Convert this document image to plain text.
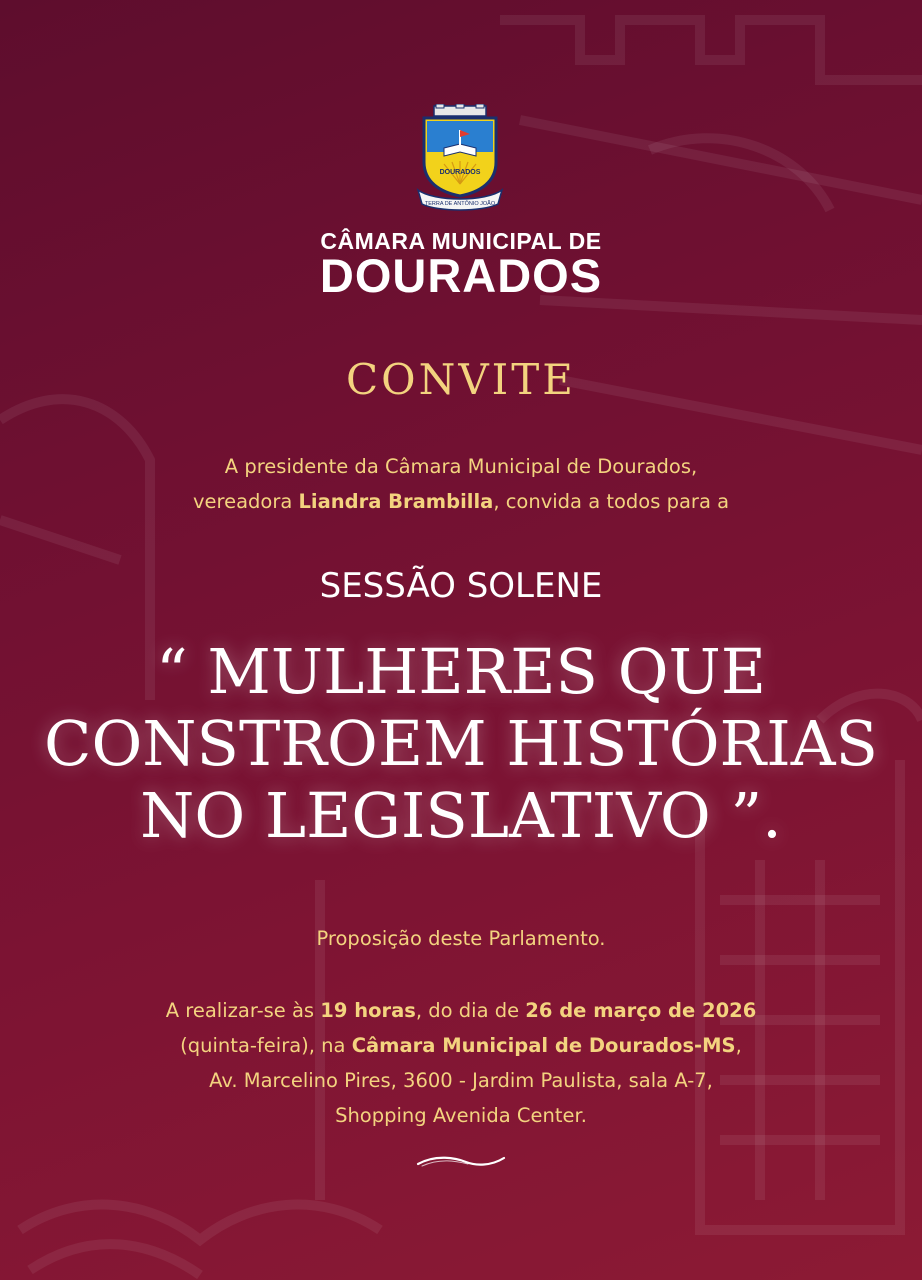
DOURADOS
TERRA DE ANTÔNIO JOÃO
CÂMARA MUNICIPAL DE
DOURADOS
CONVITE
A presidente da Câmara Municipal de Dourados,
vereadora Liandra Brambilla, convida a todos para a
SESSÃO SOLENE
“ MULHERES QUE
CONSTROEM HISTÓRIAS
NO LEGISLATIVO ”.
Proposição deste Parlamento.
A realizar-se às 19 horas, do dia de 26 de março de 2026
(quinta-feira), na Câmara Municipal de Dourados-MS,
Av. Marcelino Pires, 3600 - Jardim Paulista, sala A-7,
Shopping Avenida Center.
